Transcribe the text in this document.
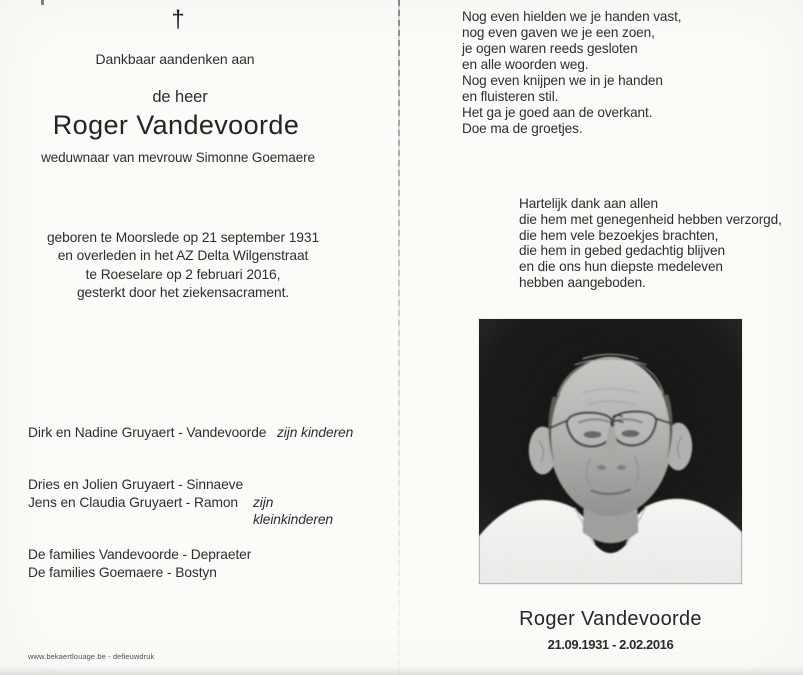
†
Dankbaar aandenken aan
de heer
Roger Vandevoorde
weduwnaar van mevrouw Simonne Goemaere
geboren te Moorslede op 21 september 1931
en overleden in het AZ Delta Wilgenstraat
te Roeselare op 2 februari 2016,
gesterkt door het ziekensacrament.
Dirk en Nadine Gruyaert - Vandevoorde zijn kinderen
Dries en Jolien Gruyaert - Sinnaeve
Jens en Claudia Gruyaert - Ramon zijn kleinkinderen
De families Vandevoorde - Depraeter
De families Goemaere - Bostyn
www.bekaertlouage.be - defieuwdruk
Nog even hielden we je handen vast,
nog even gaven we je een zoen,
je ogen waren reeds gesloten
en alle woorden weg.
Nog even knijpen we in je handen
en fluisteren stil.
Het ga je goed aan de overkant.
Doe ma de groetjes.
Hartelijk dank aan allen
die hem met genegenheid hebben verzorgd,
die hem vele bezoekjes brachten,
die hem in gebed gedachtig blijven
en die ons hun diepste medeleven
hebben aangeboden.
Roger Vandevoorde
21.09.1931 - 2.02.2016
